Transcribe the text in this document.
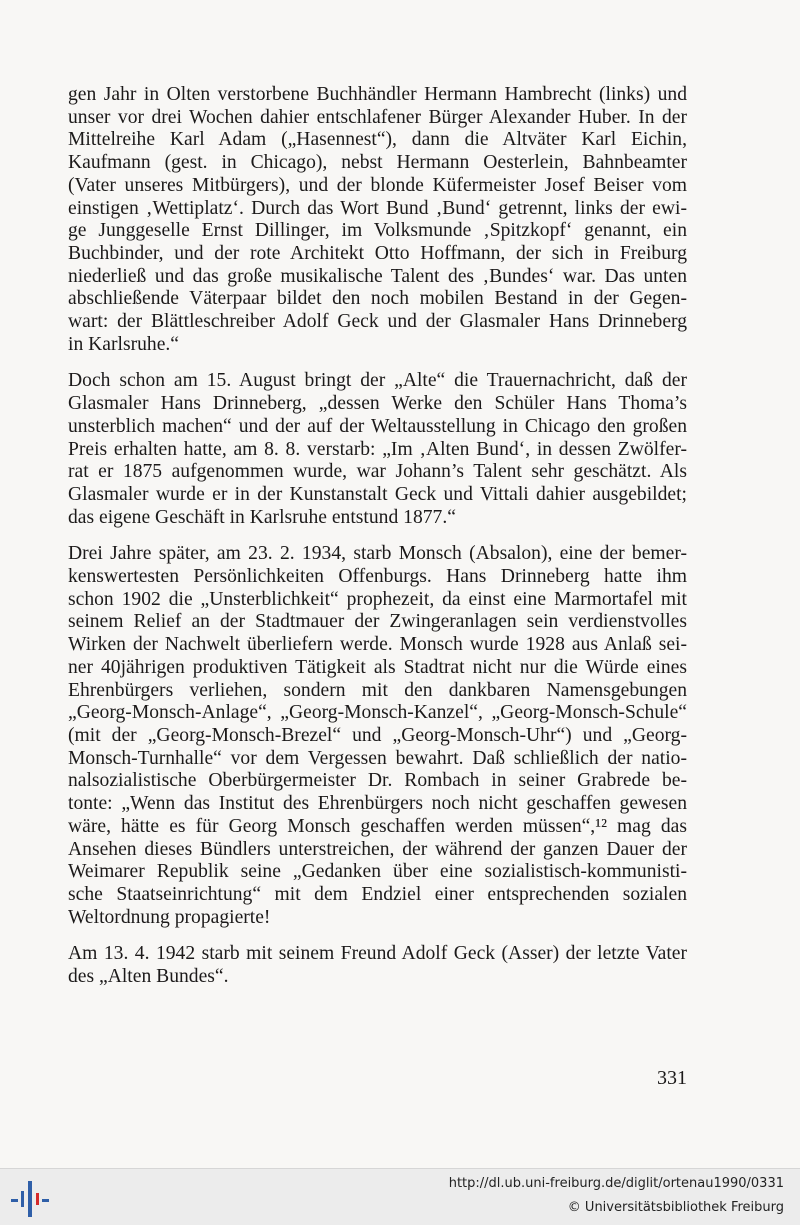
gen Jahr in Olten verstorbene Buchhändler Hermann Hambrecht (links) und
unser vor drei Wochen dahier entschlafener Bürger Alexander Huber. In der
Mittelreihe Karl Adam („Hasennest“), dann die Altväter Karl Eichin,
Kaufmann (gest. in Chicago), nebst Hermann Oesterlein, Bahnbeamter
(Vater unseres Mitbürgers), und der blonde Küfermeister Josef Beiser vom
einstigen ‚Wettiplatz‘. Durch das Wort Bund ‚Bund‘ getrennt, links der ewi-
ge Junggeselle Ernst Dillinger, im Volksmunde ‚Spitzkopf‘ genannt, ein
Buchbinder, und der rote Architekt Otto Hoffmann, der sich in Freiburg
niederließ und das große musikalische Talent des ‚Bundes‘ war. Das unten
abschließende Väterpaar bildet den noch mobilen Bestand in der Gegen-
wart: der Blättleschreiber Adolf Geck und der Glasmaler Hans Drinneberg
in Karlsruhe.“

Doch schon am 15. August bringt der „Alte“ die Trauernachricht, daß der
Glasmaler Hans Drinneberg, „dessen Werke den Schüler Hans Thoma’s
unsterblich machen“ und der auf der Weltausstellung in Chicago den großen
Preis erhalten hatte, am 8. 8. verstarb: „Im ‚Alten Bund‘, in dessen Zwölfer-
rat er 1875 aufgenommen wurde, war Johann’s Talent sehr geschätzt. Als
Glasmaler wurde er in der Kunstanstalt Geck und Vittali dahier ausgebildet;
das eigene Geschäft in Karlsruhe entstund 1877.“

Drei Jahre später, am 23. 2. 1934, starb Monsch (Absalon), eine der bemer-
kenswertesten Persönlichkeiten Offenburgs. Hans Drinneberg hatte ihm
schon 1902 die „Unsterblichkeit“ prophezeit, da einst eine Marmortafel mit
seinem Relief an der Stadtmauer der Zwingeranlagen sein verdienstvolles
Wirken der Nachwelt überliefern werde. Monsch wurde 1928 aus Anlaß sei-
ner 40jährigen produktiven Tätigkeit als Stadtrat nicht nur die Würde eines
Ehrenbürgers verliehen, sondern mit den dankbaren Namensgebungen
„Georg-Monsch-Anlage“, „Georg-Monsch-Kanzel“, „Georg-Monsch-Schule“
(mit der „Georg-Monsch-Brezel“ und „Georg-Monsch-Uhr“) und „Georg-
Monsch-Turnhalle“ vor dem Vergessen bewahrt. Daß schließlich der natio-
nalsozialistische Oberbürgermeister Dr. Rombach in seiner Grabrede be-
tonte: „Wenn das Institut des Ehrenbürgers noch nicht geschaffen gewesen
wäre, hätte es für Georg Monsch geschaffen werden müssen“,¹² mag das
Ansehen dieses Bündlers unterstreichen, der während der ganzen Dauer der
Weimarer Republik seine „Gedanken über eine sozialistisch-kommunisti-
sche Staatseinrichtung“ mit dem Endziel einer entsprechenden sozialen
Weltordnung propagierte!

Am 13. 4. 1942 starb mit seinem Freund Adolf Geck (Asser) der letzte Vater
des „Alten Bundes“.

331
http://dl.ub.uni-freiburg.de/diglit/ortenau1990/0331
© Universitätsbibliothek Freiburg
